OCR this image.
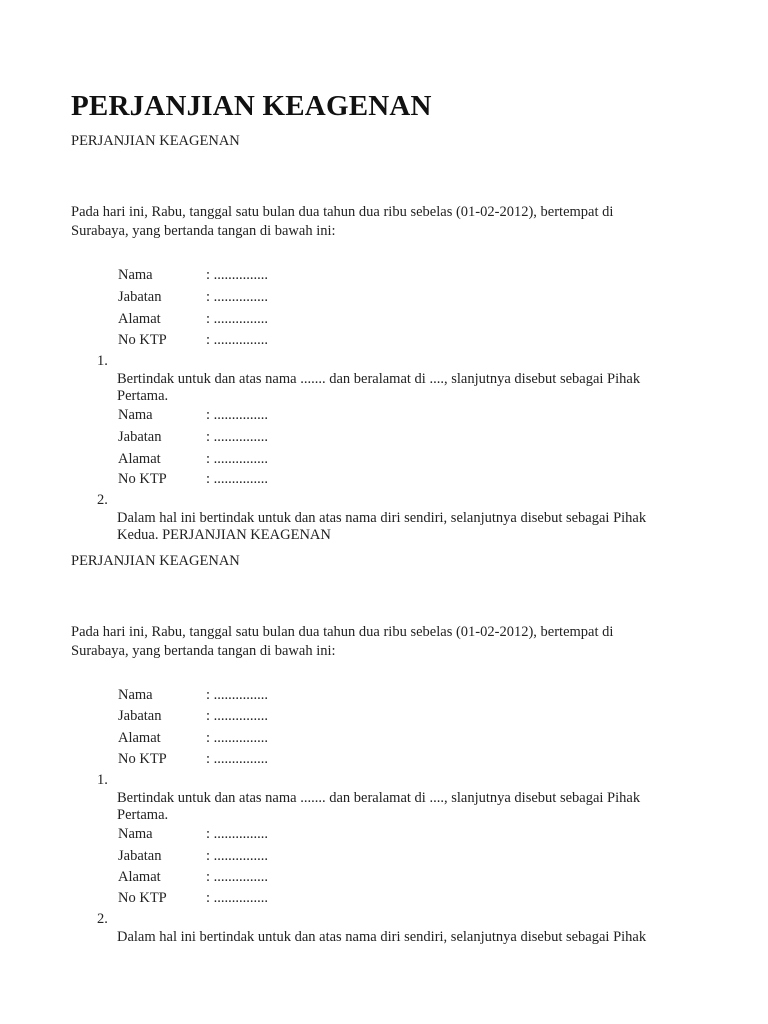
PERJANJIAN KEAGENAN
PERJANJIAN KEAGENAN

Pada hari ini, Rabu, tanggal satu bulan dua tahun dua ribu sebelas (01-02-2012), bertempat di
Surabaya, yang bertanda tangan di bawah ini:

Nama	: ...............
Jabatan	: ...............
Alamat	: ...............
No KTP	: ...............
1.
Bertindak untuk dan atas nama ....... dan beralamat di ...., slanjutnya disebut sebagai Pihak
Pertama.
Nama	: ...............
Jabatan	: ...............
Alamat	: ...............
No KTP	: ...............
2.
Dalam hal ini bertindak untuk dan atas nama diri sendiri, selanjutnya disebut sebagai Pihak
Kedua. PERJANJIAN KEAGENAN
PERJANJIAN KEAGENAN

Pada hari ini, Rabu, tanggal satu bulan dua tahun dua ribu sebelas (01-02-2012), bertempat di
Surabaya, yang bertanda tangan di bawah ini:

Nama	: ...............
Jabatan	: ...............
Alamat	: ...............
No KTP	: ...............
1.
Bertindak untuk dan atas nama ....... dan beralamat di ...., slanjutnya disebut sebagai Pihak
Pertama.
Nama	: ...............
Jabatan	: ...............
Alamat	: ...............
No KTP	: ...............
2.
Dalam hal ini bertindak untuk dan atas nama diri sendiri, selanjutnya disebut sebagai Pihak
